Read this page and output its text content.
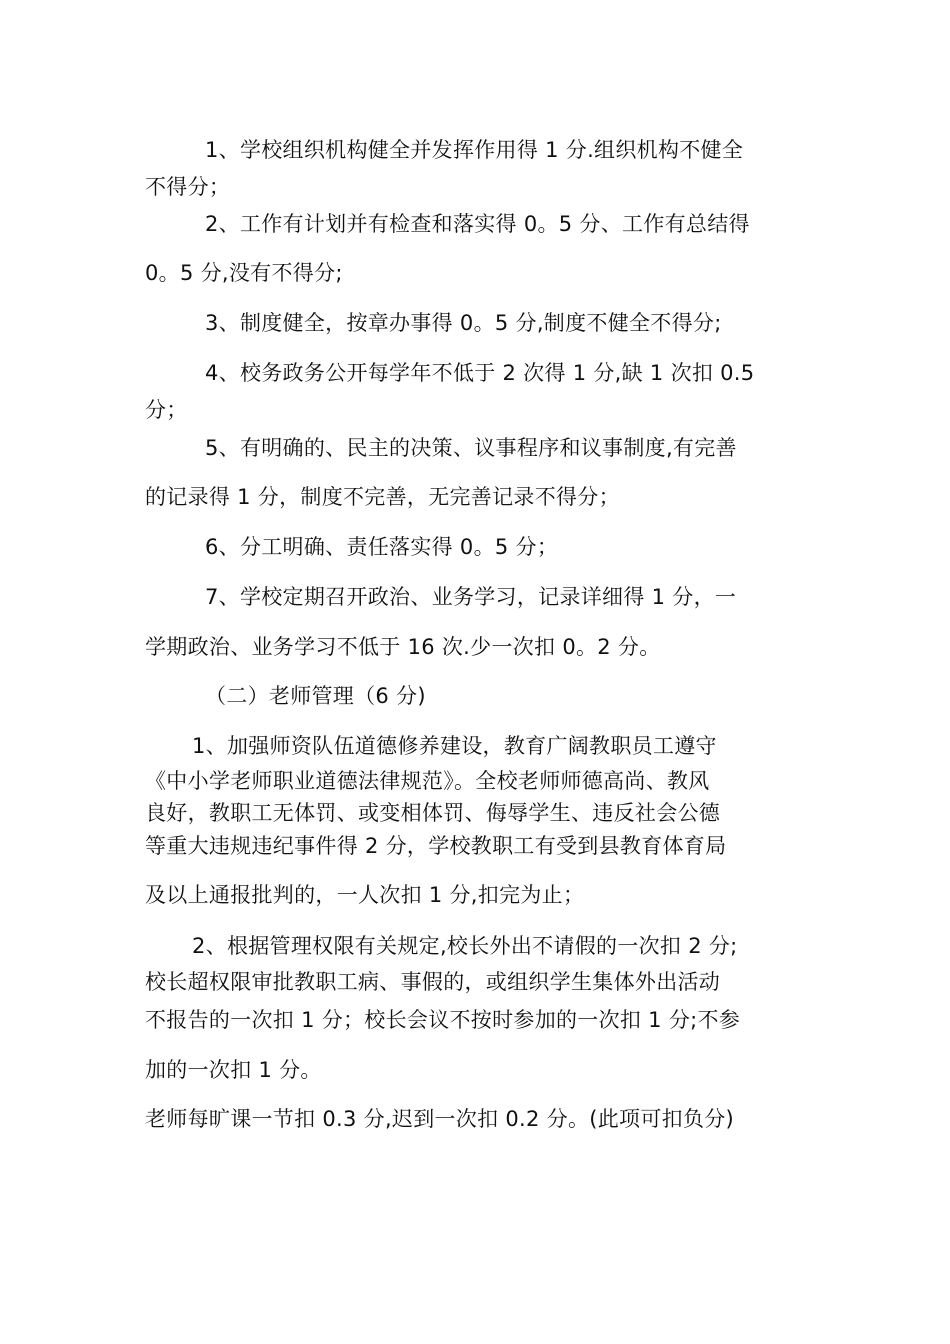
1、学校组织机构健全并发挥作用得 1 分.组织机构不健全
不得分；
2、工作有计划并有检查和落实得 0。5 分、工作有总结得
0。5 分,没有不得分;
3、制度健全，按章办事得 0。5 分,制度不健全不得分;
4、校务政务公开每学年不低于 2 次得 1 分,缺 1 次扣 0.5
分；
5、有明确的、民主的决策、议事程序和议事制度,有完善
的记录得 1 分，制度不完善，无完善记录不得分；
6、分工明确、责任落实得 0。5 分；
7、学校定期召开政治、业务学习，记录详细得 1 分，一
学期政治、业务学习不低于 16 次.少一次扣 0。2 分。
（二）老师管理（6 分)
1、加强师资队伍道德修养建设，教育广阔教职员工遵守
《中小学老师职业道德法律规范》。全校老师师德高尚、教风
良好，教职工无体罚、或变相体罚、侮辱学生、违反社会公德
等重大违规违纪事件得 2 分，学校教职工有受到县教育体育局
及以上通报批判的，一人次扣 1 分,扣完为止；
2、根据管理权限有关规定,校长外出不请假的一次扣 2 分;
校长超权限审批教职工病、事假的，或组织学生集体外出活动
不报告的一次扣 1 分；校长会议不按时参加的一次扣 1 分;不参
加的一次扣 1 分。
老师每旷课一节扣 0.3 分,迟到一次扣 0.2 分。(此项可扣负分)
